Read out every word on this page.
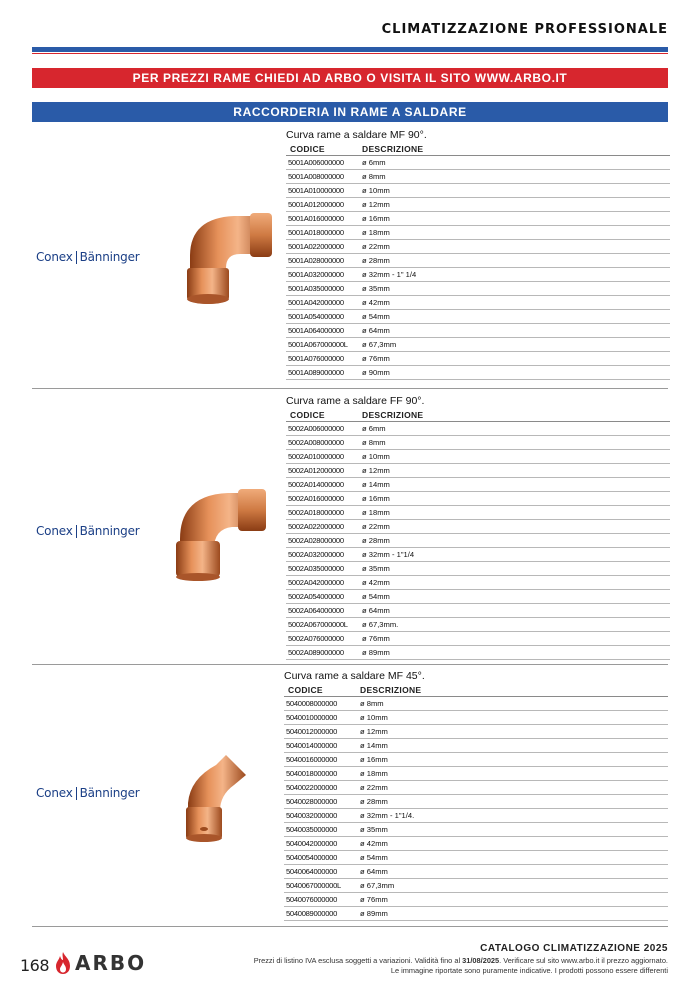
CLIMATIZZAZIONE PROFESSIONALE
PER PREZZI RAME CHIEDI AD ARBO O VISITA IL SITO WWW.ARBO.IT
RACCORDERIA IN RAME A SALDARE
Conex Bänninger
Curva rame a saldare MF 90°.
CODICE	DESCRIZIONE
5001A006000000	ø 6mm
5001A008000000	ø 8mm
5001A010000000	ø 10mm
5001A012000000	ø 12mm
5001A016000000	ø 16mm
5001A018000000	ø 18mm
5001A022000000	ø 22mm
5001A028000000	ø 28mm
5001A032000000	ø 32mm - 1" 1/4
5001A035000000	ø 35mm
5001A042000000	ø 42mm
5001A054000000	ø 54mm
5001A064000000	ø 64mm
5001A067000000L	ø 67,3mm
5001A076000000	ø 76mm
5001A089000000	ø 90mm
Conex Bänninger
Curva rame a saldare FF 90°.
CODICE	DESCRIZIONE
5002A006000000	ø 6mm
5002A008000000	ø 8mm
5002A010000000	ø 10mm
5002A012000000	ø 12mm
5002A014000000	ø 14mm
5002A016000000	ø 16mm
5002A018000000	ø 18mm
5002A022000000	ø 22mm
5002A028000000	ø 28mm
5002A032000000	ø 32mm - 1"1/4
5002A035000000	ø 35mm
5002A042000000	ø 42mm
5002A054000000	ø 54mm
5002A064000000	ø 64mm
5002A067000000L	ø 67,3mm.
5002A076000000	ø 76mm
5002A089000000	ø 89mm
Conex Bänninger
Curva rame a saldare MF 45°.
CODICE	DESCRIZIONE
5040008000000	ø 8mm
5040010000000	ø 10mm
5040012000000	ø 12mm
5040014000000	ø 14mm
5040016000000	ø 16mm
5040018000000	ø 18mm
5040022000000	ø 22mm
5040028000000	ø 28mm
5040032000000	ø 32mm - 1"1/4.
5040035000000	ø 35mm
5040042000000	ø 42mm
5040054000000	ø 54mm
5040064000000	ø 64mm
5040067000000L	ø 67,3mm
5040076000000	ø 76mm
5040089000000	ø 89mm
168 ARBO
CATALOGO CLIMATIZZAZIONE 2025
Prezzi di listino IVA esclusa soggetti a variazioni. Validità fino al 31/08/2025. Verificare sul sito www.arbo.it il prezzo aggiornato.
Le immagine riportate sono puramente indicative. I prodotti possono essere differenti
